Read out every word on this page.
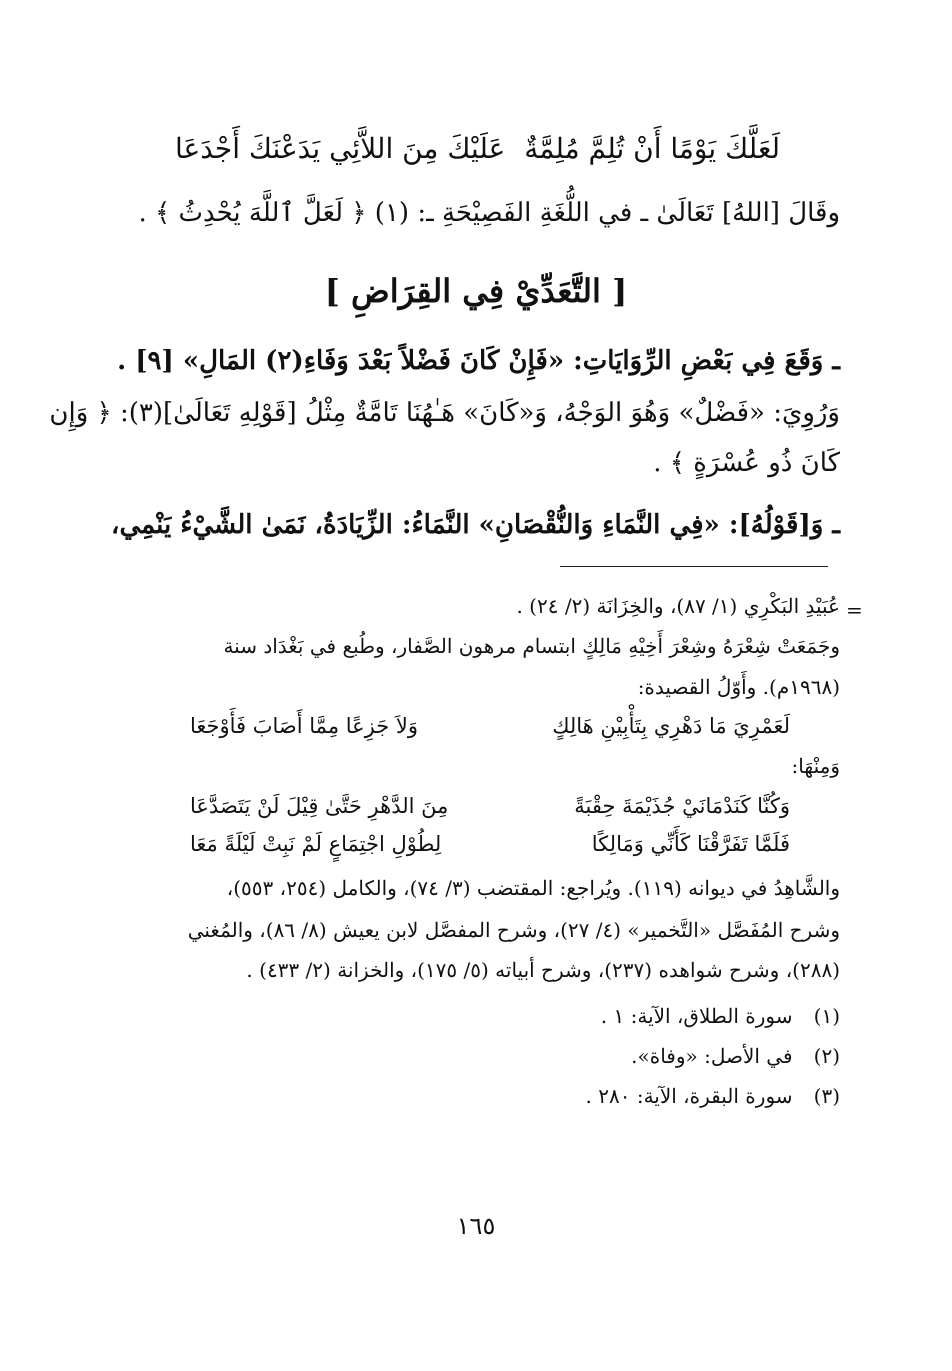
لَعَلَّكَ يَوْمًا أَنْ تُلِمَّ مُلِمَّةٌ
عَلَيْكَ مِنَ اللاَّئِي يَدَعْنَكَ أَجْدَعَا
وقَالَ [اللهُ] تَعَالَىٰ ـ في اللُّغَةِ الفَصِيْحَةِ ـ: (١) ﴿ لَعَلَّ ٱللَّهَ يُحْدِثُ ﴾ .
[ التَّعَدِّيْ فِي القِرَاضِ ]
ـ وَقَعَ فِي بَعْضِ الرِّوَايَاتِ: «فَإِنْ كَانَ فَضْلاً بَعْدَ وَفَاءِ(٢) المَالِ» [٩] .
وَرُوِيَ: «فَضْلٌ» وَهُوَ الوَجْهُ، وَ«كَانَ» هَـٰهُنَا تَامَّةٌ مِثْلُ [قَوْلِهِ تَعَالَىٰ](٣): ﴿ وَإِن
كَانَ ذُو عُسْرَةٍ ﴾ .
ـ وَ[قَوْلُهُ]: «فِي النَّمَاءِ وَالنُّقْصَانِ» النَّمَاءُ: الزِّيَادَةُ، نَمَىٰ الشَّيْءُ يَنْمِي،
=
عُبَيْدِ البَكْرِي (١/ ٨٧)، والخِزَانَة (٢/ ٢٤) .
وجَمَعَتْ شِعْرَهُ وشِعْرَ أَخِيْهِ مَالِكٍ ابتسام مرهون الصَّفار، وطُبع في بَغْدَاد سنة
(١٩٦٨م). وأَوّلُ القصيدة:
لَعَمْرِيَ مَا دَهْرِي بِتَأْبِيْنِ هَالِكٍ
وَلاَ جَزِعًا مِمَّا أَصَابَ فَأَوْجَعَا
وَمِنْهَا:
وَكُنَّا كَنَدْمَانَيْ جُذَيْمَةَ حِقْبَةً
مِنَ الدَّهْرِ حَتَّىٰ قِيْلَ لَنْ يَتَصَدَّعَا
فَلَمَّا تَفَرَّقْنَا كَأَنِّي وَمَالِكًا
لِطُوْلِ اجْتِمَاعٍ لَمْ نَبِتْ لَيْلَةً مَعَا
والشَّاهِدُ في ديوانه (١١٩). ويُراجع: المقتضب (٣/ ٧٤)، والكامل (٢٥٤، ٥٥٣)،
وشرح المُفَصَّل «التَّخمير» (٤/ ٢٧)، وشرح المفصَّل لابن يعيش (٨/ ٨٦)، والمُغني
(٢٨٨)، وشرح شواهده (٢٣٧)، وشرح أبياته (٥/ ١٧٥)، والخزانة (٢/ ٤٣٣) .
(١) سورة الطلاق، الآية: ١ .
(٢) في الأصل: «وفاة».
(٣) سورة البقرة، الآية: ٢٨٠ .
١٦٥
